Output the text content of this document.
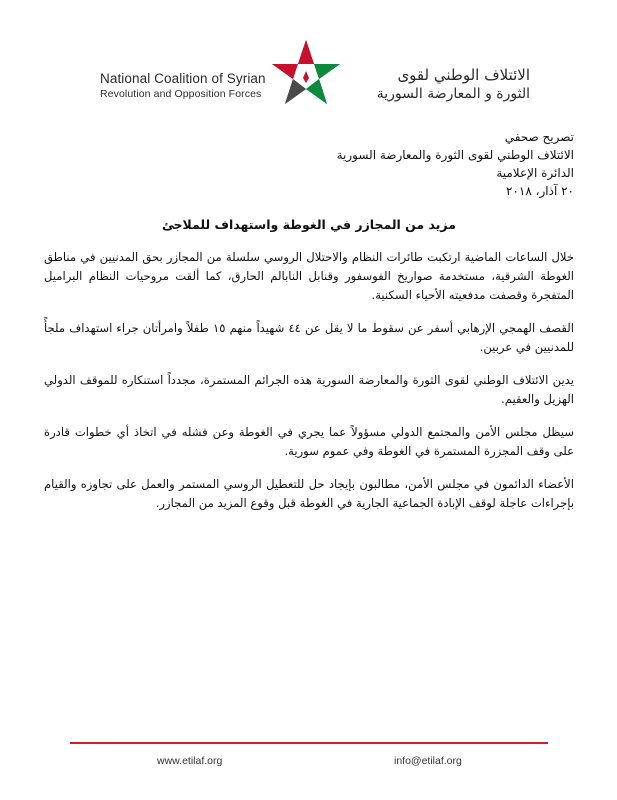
National Coalition of Syrian
Revolution and Opposition Forces
الائتلاف الوطني لقوى
الثورة و المعارضة السورية
تصريح صحفي
الائتلاف الوطني لقوى الثورة والمعارضة السورية
الدائرة الإعلامية
٢٠ آذار، ٢٠١٨
مزيد من المجازر في الغوطة واستهداف للملاجئ

خلال الساعات الماضية ارتكبت طائرات النظام والاحتلال الروسي سلسلة من المجازر بحق المدنيين في مناطق الغوطة الشرقية، مستخدمة صواريخ الفوسفور وقنابل النابالم الحارق، كما ألقت مروحيات النظام البراميل المتفجرة وقصفت مدفعيته الأحياء السكنية.

القصف الهمجي الإرهابي أسفر عن سقوط ما لا يقل عن ٤٤ شهيداً منهم ١٥ طفلاً وامرأتان جراء استهداف ملجأً للمدنيين في عربين.

يدين الائتلاف الوطني لقوى الثورة والمعارضة السورية هذه الجرائم المستمرة، مجدداً استنكاره للموقف الدولي الهزيل والعقيم.

سيظل مجلس الأمن والمجتمع الدولي مسؤولاً عما يجري في الغوطة وعن فشله في اتخاذ أي خطوات قادرة على وقف المجزرة المستمرة في الغوطة وفي عموم سورية.

الأعضاء الدائمون في مجلس الأمن، مطالبون بإيجاد حل للتعطيل الروسي المستمر والعمل على تجاوزه والقيام بإجراءات عاجلة لوقف الإبادة الجماعية الجارية في الغوطة قبل وقوع المزيد من المجازر.

www.etilaf.org	info@etilaf.org
